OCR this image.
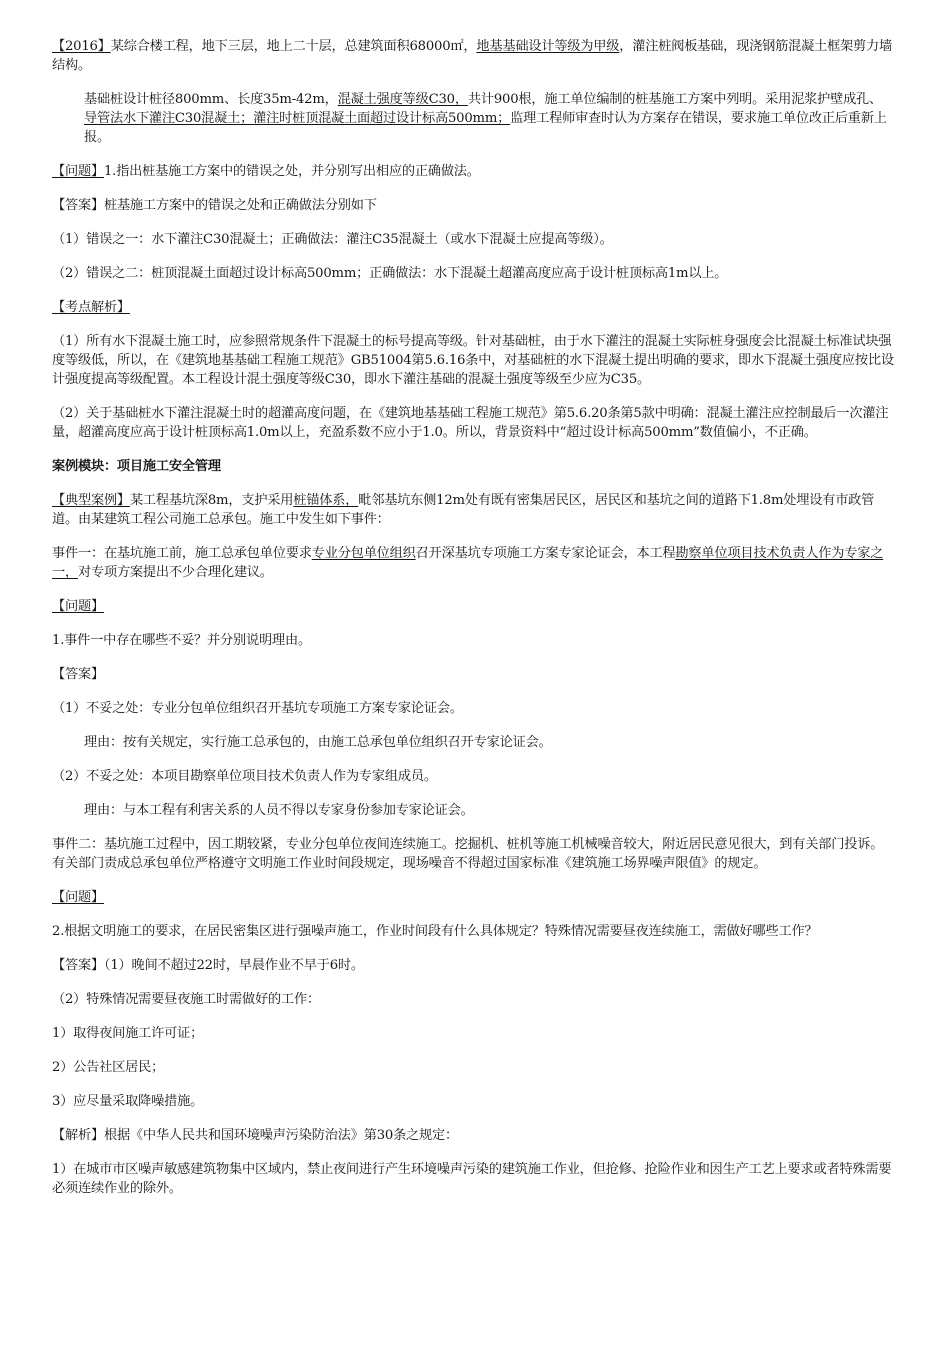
【2016】某综合楼工程，地下三层，地上二十层，总建筑面积68000㎡，地基基础设计等级为甲级，灌注桩阀板基础，现浇钢筋混凝土框架剪力墙结构。

基础桩设计桩径800mm、长度35m-42m，混凝土强度等级C30，共计900根，施工单位编制的桩基施工方案中列明。采用泥浆护壁成孔、导管法水下灌注C30混凝土；灌注时桩顶混凝土面超过设计标高500mm；监理工程师审查时认为方案存在错误，要求施工单位改正后重新上报。

【问题】1.指出桩基施工方案中的错误之处，并分别写出相应的正确做法。

【答案】桩基施工方案中的错误之处和正确做法分别如下

（1）错误之一：水下灌注C30混凝土；正确做法：灌注C35混凝土（或水下混凝土应提高等级）。

（2）错误之二：桩顶混凝土面超过设计标高500mm；正确做法：水下混凝土超灌高度应高于设计桩顶标高1m以上。

【考点解析】

（1）所有水下混凝土施工时，应参照常规条件下混凝土的标号提高等级。针对基础桩，由于水下灌注的混凝土实际桩身强度会比混凝土标准试块强度等级低，所以，在《建筑地基基础工程施工规范》GB51004第5.6.16条中，对基础桩的水下混凝土提出明确的要求，即水下混凝土强度应按比设计强度提高等级配置。本工程设计混土强度等级C30，即水下灌注基础的混凝土强度等级至少应为C35。

（2）关于基础桩水下灌注混凝土时的超灌高度问题，在《建筑地基基础工程施工规范》第5.6.20条第5款中明确：混凝土灌注应控制最后一次灌注量，超灌高度应高于设计桩顶标高1.0m以上，充盈系数不应小于1.0。所以，背景资料中“超过设计标高500mm”数值偏小，不正确。

案例模块：项目施工安全管理

【典型案例】某工程基坑深8m，支护采用桩锚体系，毗邻基坑东侧12m处有既有密集居民区，居民区和基坑之间的道路下1.8m处埋设有市政管道。由某建筑工程公司施工总承包。施工中发生如下事件：

事件一：在基坑施工前，施工总承包单位要求专业分包单位组织召开深基坑专项施工方案专家论证会，本工程勘察单位项目技术负责人作为专家之一，对专项方案提出不少合理化建议。

【问题】

1.事件一中存在哪些不妥？并分别说明理由。

【答案】

（1）不妥之处：专业分包单位组织召开基坑专项施工方案专家论证会。

理由：按有关规定，实行施工总承包的，由施工总承包单位组织召开专家论证会。

（2）不妥之处：本项目勘察单位项目技术负责人作为专家组成员。

理由：与本工程有利害关系的人员不得以专家身份参加专家论证会。

事件二：基坑施工过程中，因工期较紧，专业分包单位夜间连续施工。挖掘机、桩机等施工机械噪音较大，附近居民意见很大，到有关部门投诉。有关部门责成总承包单位严格遵守文明施工作业时间段规定，现场噪音不得超过国家标准《建筑施工场界噪声限值》的规定。

【问题】

2.根据文明施工的要求，在居民密集区进行强噪声施工，作业时间段有什么具体规定？特殊情况需要昼夜连续施工，需做好哪些工作？

【答案】（1）晚间不超过22时，早晨作业不早于6时。

（2）特殊情况需要昼夜施工时需做好的工作：

1）取得夜间施工许可证；

2）公告社区居民；

3）应尽量采取降噪措施。

【解析】根据《中华人民共和国环境噪声污染防治法》第30条之规定：

1）在城市市区噪声敏感建筑物集中区域内，禁止夜间进行产生环境噪声污染的建筑施工作业，但抢修、抢险作业和因生产工艺上要求或者特殊需要必须连续作业的除外。
